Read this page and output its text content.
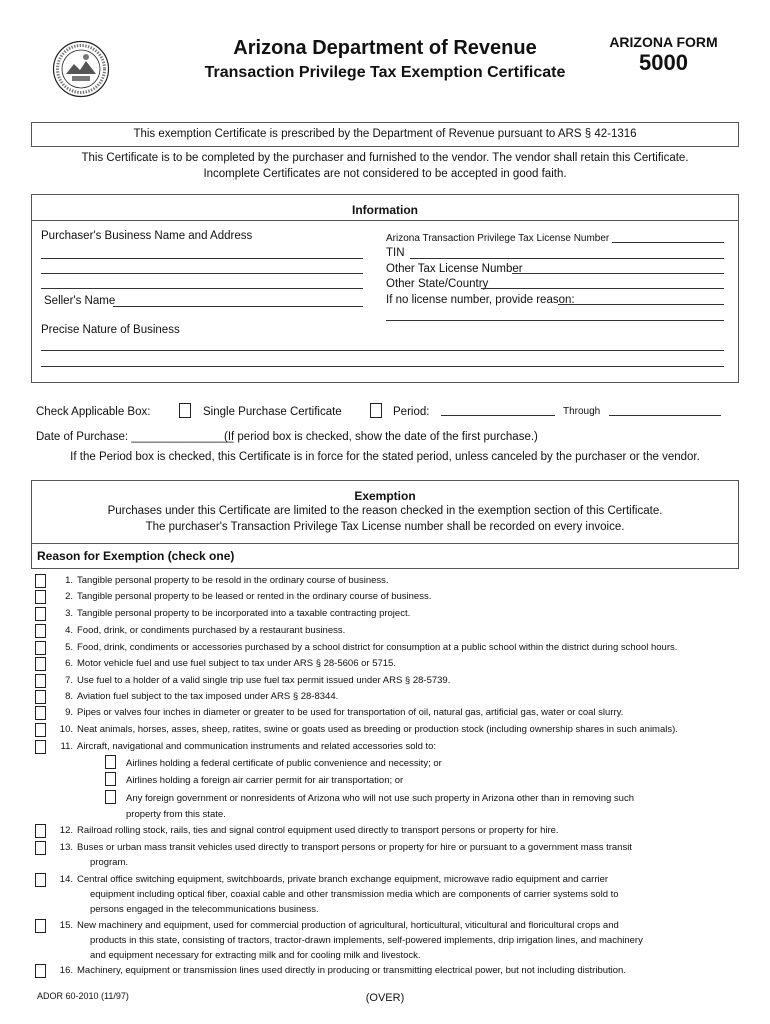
Arizona Department of Revenue
Transaction Privilege Tax Exemption Certificate
ARIZONA FORM
5000
This exemption Certificate is prescribed by the Department of Revenue pursuant to ARS § 42-1316
This Certificate is to be completed by the purchaser and furnished to the vendor. The vendor shall retain this Certificate.
Incomplete Certificates are not considered to be accepted in good faith.
Information
Purchaser's Business Name and Address
Seller's Name
Arizona Transaction Privilege Tax License Number
TIN
Other Tax License Number
Other State/Country
If no license number, provide reason:
Precise Nature of Business
Check Applicable Box:	Single Purchase Certificate	Period:	Through
Date of Purchase: ________________
(If period box is checked, show the date of the first purchase.)
If the Period box is checked, this Certificate is in force for the stated period, unless canceled by the purchaser or the vendor.
Exemption
Purchases under this Certificate are limited to the reason checked in the exemption section of this Certificate.
The purchaser's Transaction Privilege Tax License number shall be recorded on every invoice.
Reason for Exemption (check one)
1. Tangible personal property to be resold in the ordinary course of business.
2. Tangible personal property to be leased or rented in the ordinary course of business.
3. Tangible personal property to be incorporated into a taxable contracting project.
4. Food, drink, or condiments purchased by a restaurant business.
5. Food, drink, condiments or accessories purchased by a school district for consumption at a public school within the district during school hours.
6. Motor vehicle fuel and use fuel subject to tax under ARS § 28-5606 or 5715.
7. Use fuel to a holder of a valid single trip use fuel tax permit issued under ARS § 28-5739.
8. Aviation fuel subject to the tax imposed under ARS § 28-8344.
9. Pipes or valves four inches in diameter or greater to be used for transportation of oil, natural gas, artificial gas, water or coal slurry.
10. Neat animals, horses, asses, sheep, ratites, swine or goats used as breeding or production stock (including ownership shares in such animals).
11. Aircraft, navigational and communication instruments and related accessories sold to:
12. Railroad rolling stock, rails, ties and signal control equipment used directly to transport persons or property for hire.
13. Buses or urban mass transit vehicles used directly to transport persons or property for hire or pursuant to a government mass transit
program.
14. Central office switching equipment, switchboards, private branch exchange equipment, microwave radio equipment and carrier
equipment including optical fiber, coaxial cable and other transmission media which are components of carrier systems sold to
persons engaged in the telecommunications business.
15. New machinery and equipment, used for commercial production of agricultural, horticultural, viticultural and floricultural crops and
products in this state, consisting of tractors, tractor-drawn implements, self-powered implements, drip irrigation lines, and machinery
and equipment necessary for extracting milk and for cooling milk and livestock.
16. Machinery, equipment or transmission lines used directly in producing or transmitting electrical power, but not including distribution.
Airlines holding a federal certificate of public convenience and necessity; or
Airlines holding a foreign air carrier permit for air transportation; or
Any foreign government or nonresidents of Arizona who will not use such property in Arizona other than in removing such
property from this state.
ADOR 60-2010 (11/97)	(OVER)
